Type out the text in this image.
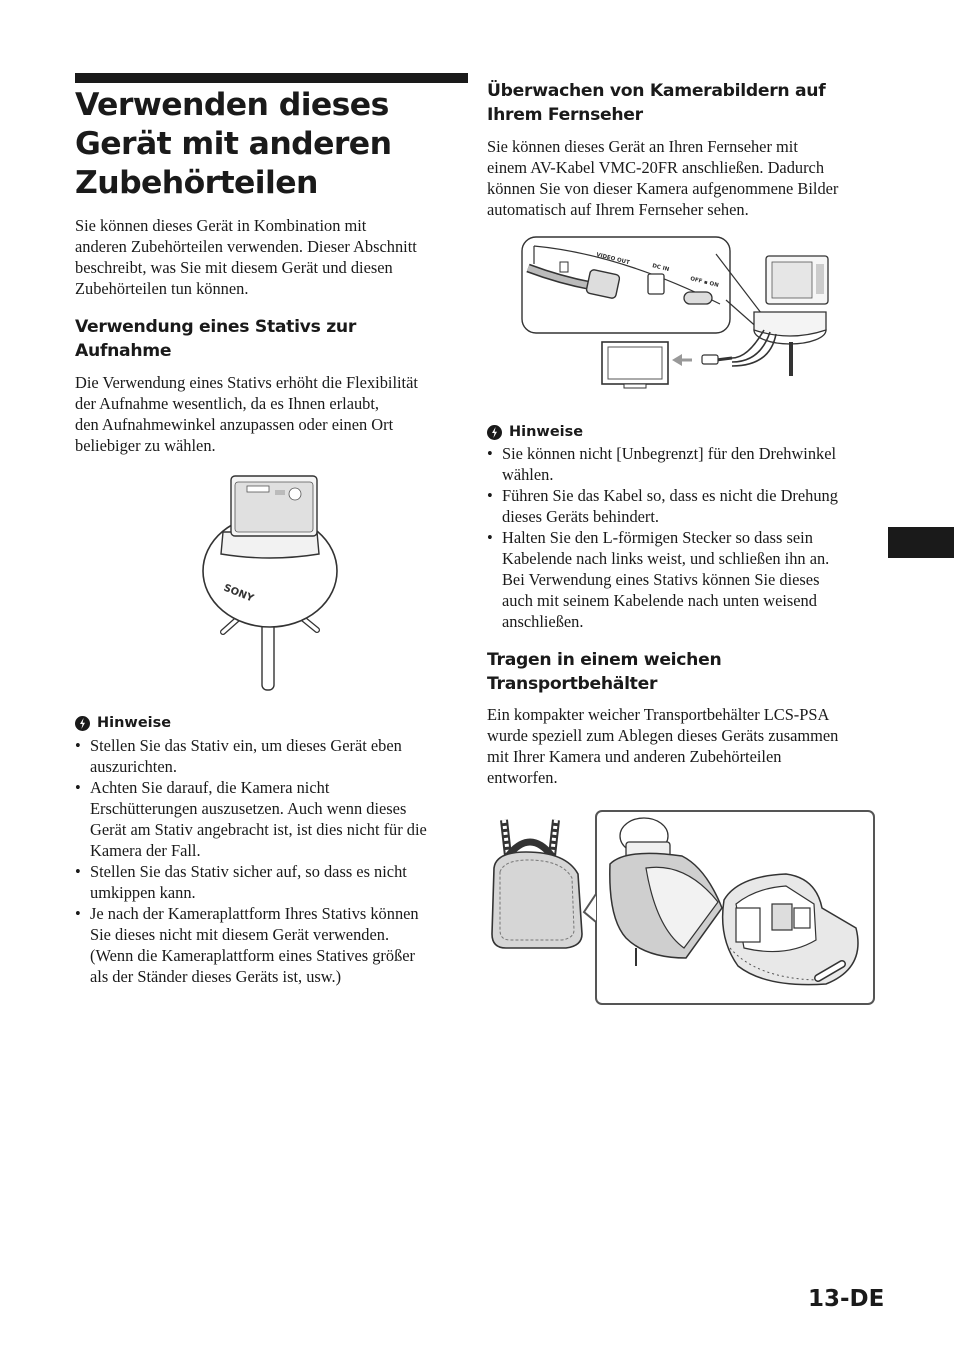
Verwenden dieses
Gerät mit anderen
Zubehörteilen

Sie können dieses Gerät in Kombination mit
anderen Zubehörteilen verwenden. Dieser Abschnitt
beschreibt, was Sie mit diesem Gerät und diesen
Zubehörteilen tun können.

Verwendung eines Stativs zur
Aufnahme

Die Verwendung eines Stativs erhöht die Flexibilität
der Aufnahme wesentlich, da es Ihnen erlaubt,
den Aufnahmewinkel anzupassen oder einen Ort
beliebiger zu wählen.

SONY
Hinweise
• Stellen Sie das Stativ ein, um dieses Gerät eben
auszurichten.
• Achten Sie darauf, die Kamera nicht
Erschütterungen auszusetzen. Auch wenn dieses
Gerät am Stativ angebracht ist, ist dies nicht für die
Kamera der Fall.
• Stellen Sie das Stativ sicher auf, so dass es nicht
umkippen kann.
• Je nach der Kameraplattform Ihres Stativs können
Sie dieses nicht mit diesem Gerät verwenden.
(Wenn die Kameraplattform eines Statives größer
als der Ständer dieses Geräts ist, usw.)
Überwachen von Kamerabildern auf
Ihrem Fernseher

Sie können dieses Gerät an Ihren Fernseher mit
einem AV-Kabel VMC-20FR anschließen. Dadurch
können Sie von dieser Kamera aufgenommene Bilder
automatisch auf Ihrem Fernseher sehen.

VIDEO OUT
DC IN
OFF ▪ ON
Hinweise
• Sie können nicht [Unbegrenzt] für den Drehwinkel
wählen.
• Führen Sie das Kabel so, dass es nicht die Drehung
dieses Geräts behindert.
• Halten Sie den L-förmigen Stecker so dass sein
Kabelende nach links weist, und schließen ihn an.
Bei Verwendung eines Stativs können Sie dieses
auch mit seinem Kabelende nach unten weisend
anschließen.
Tragen in einem weichen
Transportbehälter

Ein kompakter weicher Transportbehälter LCS-PSA
wurde speziell zum Ablegen dieses Geräts zusammen
mit Ihrer Kamera und anderen Zubehörteilen
entworfen.

13-DE
